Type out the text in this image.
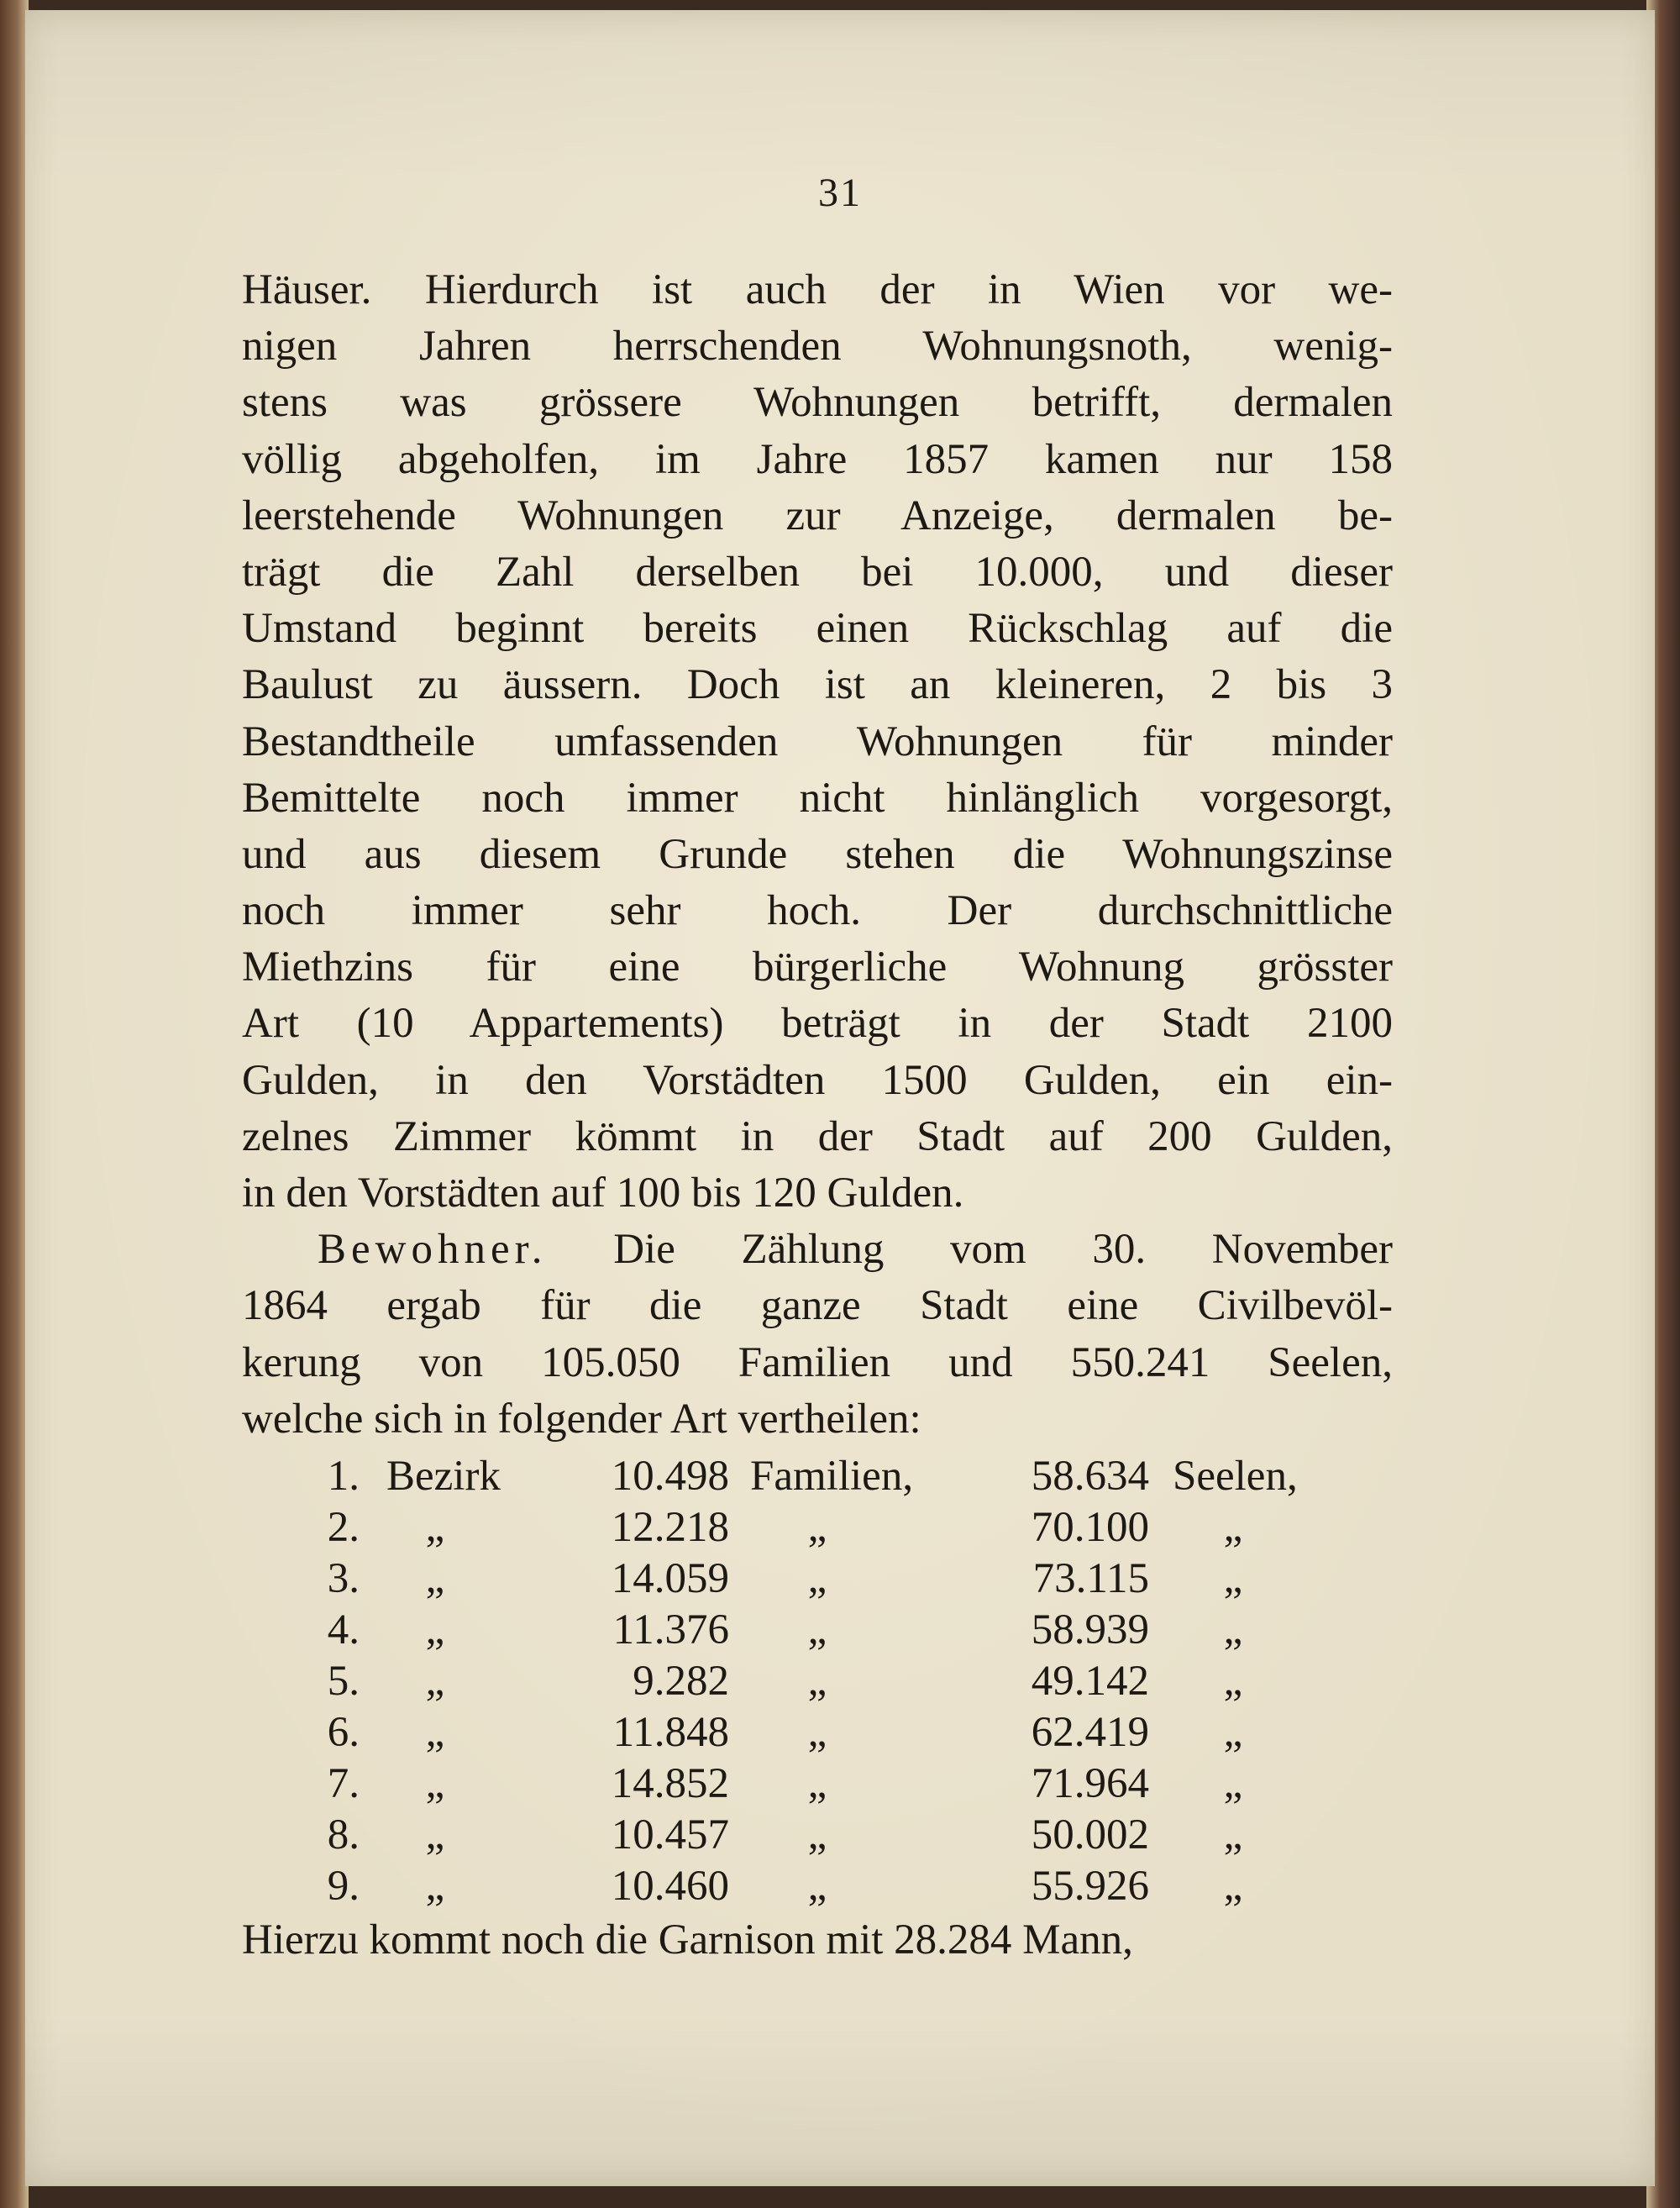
31
Häuser. Hierdurch ist auch der in Wien vor we-
nigen Jahren herrschenden Wohnungsnoth, wenig-
stens was grössere Wohnungen betrifft, dermalen
völlig abgeholfen, im Jahre 1857 kamen nur 158
leerstehende Wohnungen zur Anzeige, dermalen be-
trägt die Zahl derselben bei 10.000, und dieser
Umstand beginnt bereits einen Rückschlag auf die
Baulust zu äussern. Doch ist an kleineren, 2 bis 3
Bestandtheile umfassenden Wohnungen für minder
Bemittelte noch immer nicht hinlänglich vorgesorgt,
und aus diesem Grunde stehen die Wohnungszinse
noch immer sehr hoch. Der durchschnittliche
Miethzins für eine bürgerliche Wohnung grösster
Art (10 Appartements) beträgt in der Stadt 2100
Gulden, in den Vorstädten 1500 Gulden, ein ein-
zelnes Zimmer kömmt in der Stadt auf 200 Gulden,
in den Vorstädten auf 100 bis 120 Gulden.
Bewohner. Die Zählung vom 30. November
1864 ergab für die ganze Stadt eine Civilbevöl-
kerung von 105.050 Familien und 550.241 Seelen,
welche sich in folgender Art vertheilen:
1. Bezirk	10.498 Familien,	58.634 Seelen,
2.	„	12.218	„	70.100	„
3.	„	14.059	„	73.115	„
4.	„	11.376	„	58.939	„
5.	„	9.282	„	49.142	„
6.	„	11.848	„	62.419	„
7.	„	14.852	„	71.964	„
8.	„	10.457	„	50.002	„
9.	„	10.460	„	55.926	„
Hierzu kommt noch die Garnison mit 28.284 Mann,
